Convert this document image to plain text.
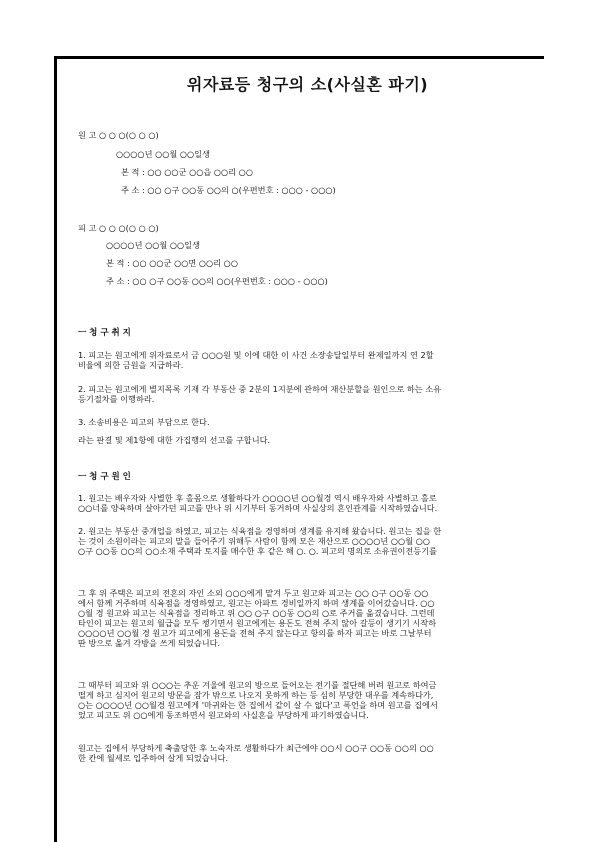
위자료등 청구의 소(사실혼 파기)

원 고 ○ ○ ○(○ ○ ○)

○○○○년 ○○월 ○○일생

본 적 : ○○ ○○군 ○○읍 ○○리 ○○

주 소 : ○○ ○구 ○○동 ○○의 ○(우편번호 : ○○○ - ○○○)

피 고 ○ ○ ○(○ ○ ○)

○○○○년 ○○월 ○○일생

본 적 : ○○ ○○군 ○○면 ○○리 ○○

주 소 : ○○ ○구 ○○동 ○○의 ○○(우편번호 : ○○○ - ○○○)

ㅡ 청 구 취 지

1. 피고는 원고에게 위자료로서 금 ○○○원 및 이에 대한 이 사건 소장송달일부터 완제일까지 연 2할

비율에 의한 금원을 지급하라.

2. 피고는 원고에게 별지목록 기재 각 부동산 중 2분의 1지분에 관하여 재산분할을 원인으로 하는 소유

등기절차를 이행하라.

3. 소송비용은 피고의 부담으로 한다.

라는 판결 및 제1항에 대한 가집행의 선고를 구합니다.

ㅡ 청 구 원 인

1. 원고는 배우자와 사별한 후 홀몸으로 생활하다가 ○○○○년 ○○월경 역시 배우자와 사별하고 홀로

○○너를 양육하며 살아가던 피고를 만나 위 시기부터 동거하며 사실상의 혼인관계를 시작하였습니다.

2. 원고는 부동산 중개업을 하였고, 피고는 식육점을 경영하며 생계를 유지해 왔습니다. 원고는 집을 한

는 것이 소원이라는 피고의 말을 들어주기 위해두 사람이 함께 모은 재산으로 ○○○○년 ○○월 ○○

○구 ○○동 ○○의 ○○소재 주택과 토지를 매수한 후 같은 해 ○. ○. 피고의 명의로 소유권이전등기를

그 후 위 주택은 피고의 전혼의 자인 소외 ○○○에게 맡겨 두고 원고와 피고는 ○○ ○구 ○○동 ○○

에서 함께 거주하며 식육점을 경영하였고, 원고는 아파트 경비일까지 하며 생계를 이어갔습니다. ○○

○월 경 원고와 피고는 식육점을 정리하고 위 ○○ ○구 ○○동 ○○의 ○로 주거를 옮겼습니다. 그런데

타인이 피고는 원고의 월급을 모두 챙기면서 원고에게는 용돈도 전혀 주지 않아 갈등이 생기기 시작하

○○○○년 ○○월 경 원고가 피고에게 용돈을 전혀 주지 않는다고 항의를 하자 피고는 바로 그날부터

딴 방으로 옮겨 각방을 쓰게 되었습니다.

그 때부터 피고와 위 ○○○는 추운 겨울에 원고의 방으로 들어오는 전기를 절단해 버려 원고로 하여금

떨게 하고 심지어 원고의 방문을 잠가 밖으로 나오지 못하게 하는 등 심히 부당한 대우를 계속하다가,

○는 ○○○○년 ○○월경 원고에게 '마귀와는 한 집에서 같이 살 수 없다'고 폭언을 하며 원고를 집에서

었고 피고도 위 ○○에게 동조하면서 원고와의 사실혼을 부당하게 파기하였습니다.

원고는 집에서 부당하게 축출당한 후 노숙자로 생활하다가 최근에야 ○○시 ○○구 ○○동 ○○의 ○○

한 칸에 월세로 입주하여 살게 되었습니다.
